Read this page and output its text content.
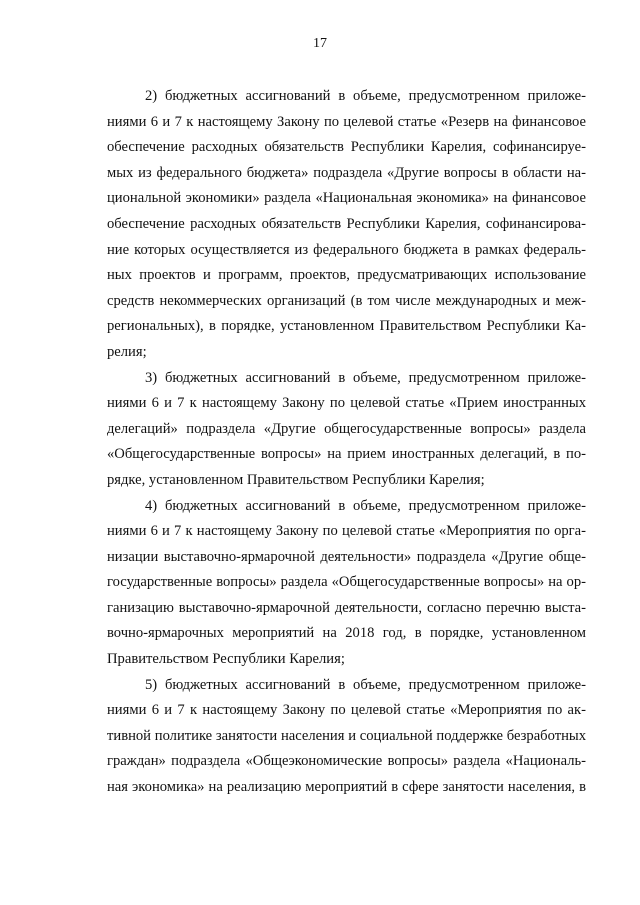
17
2) бюджетных ассигнований в объеме, предусмотренном приложе-
ниями 6 и 7 к настоящему Закону по целевой статье «Резерв на финансовое
обеспечение расходных обязательств Республики Карелия, софинансируе-
мых из федерального бюджета» подраздела «Другие вопросы в области на-
циональной экономики» раздела «Национальная экономика» на финансовое
обеспечение расходных обязательств Республики Карелия, софинансирова-
ние которых осуществляется из федерального бюджета в рамках федераль-
ных проектов и программ, проектов, предусматривающих использование
средств некоммерческих организаций (в том числе международных и меж-
региональных), в порядке, установленном Правительством Республики Ка-
релия;
3) бюджетных ассигнований в объеме, предусмотренном приложе-
ниями 6 и 7 к настоящему Закону по целевой статье «Прием иностранных
делегаций» подраздела «Другие общегосударственные вопросы» раздела
«Общегосударственные вопросы» на прием иностранных делегаций, в по-
рядке, установленном Правительством Республики Карелия;
4) бюджетных ассигнований в объеме, предусмотренном приложе-
ниями 6 и 7 к настоящему Закону по целевой статье «Мероприятия по орга-
низации выставочно-ярмарочной деятельности» подраздела «Другие обще-
государственные вопросы» раздела «Общегосударственные вопросы» на ор-
ганизацию выставочно-ярмарочной деятельности, согласно перечню выста-
вочно-ярмарочных мероприятий на 2018 год, в порядке, установленном
Правительством Республики Карелия;
5) бюджетных ассигнований в объеме, предусмотренном приложе-
ниями 6 и 7 к настоящему Закону по целевой статье «Мероприятия по ак-
тивной политике занятости населения и социальной поддержке безработных
граждан» подраздела «Общеэкономические вопросы» раздела «Националь-
ная экономика» на реализацию мероприятий в сфере занятости населения, в
